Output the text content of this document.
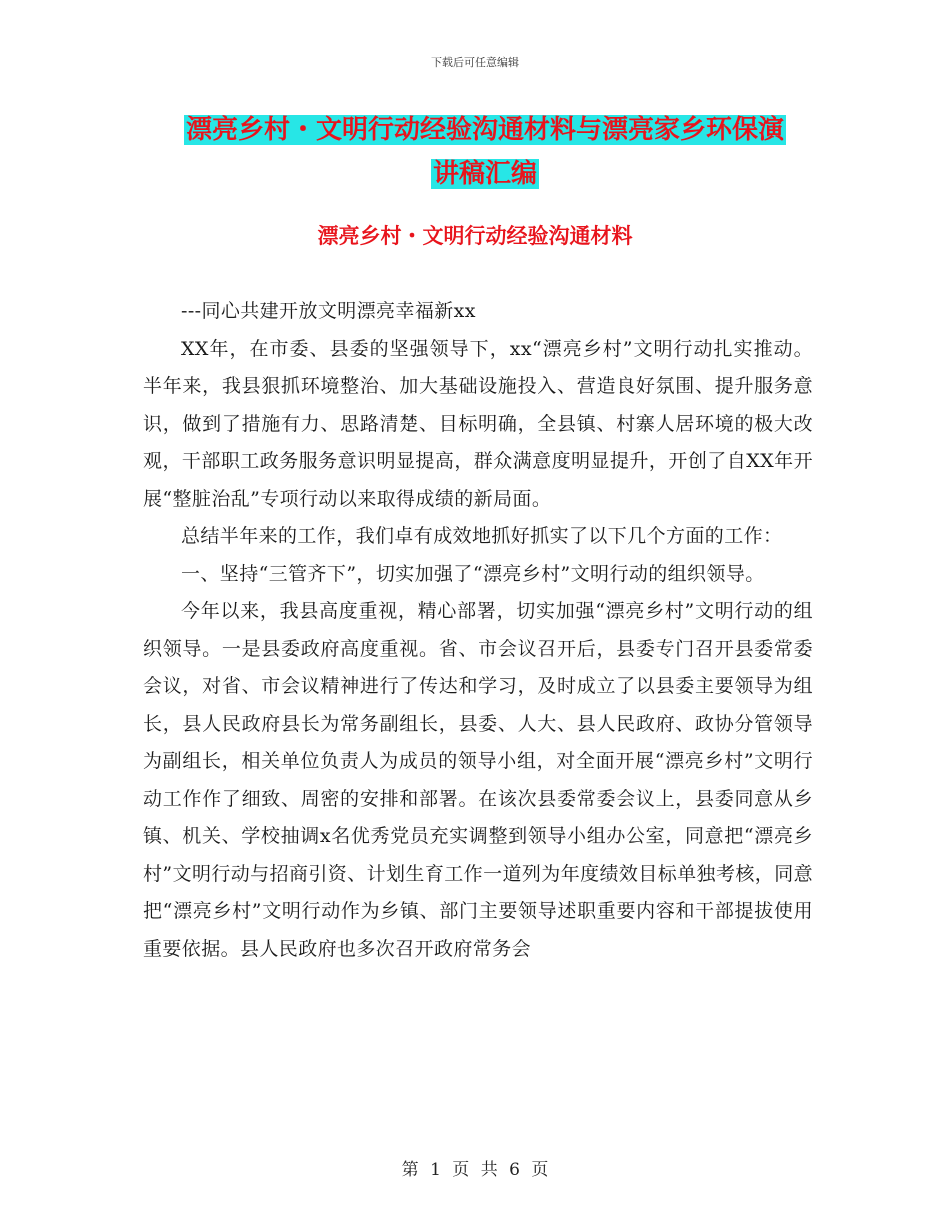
下载后可任意编辑
漂亮乡村・文明行动经验沟通材料与漂亮家乡环保演
讲稿汇编
漂亮乡村・文明行动经验沟通材料

---同心共建开放文明漂亮幸福新xx

XX年，在市委、县委的坚强领导下，xx“漂亮乡村”文明行动扎实推动。半年来，我县狠抓环境整治、加大基础设施投入、营造良好氛围、提升服务意识，做到了措施有力、思路清楚、目标明确，全县镇、村寨人居环境的极大改观，干部职工政务服务意识明显提高，群众满意度明显提升，开创了自XX年开展“整脏治乱”专项行动以来取得成绩的新局面。

总结半年来的工作，我们卓有成效地抓好抓实了以下几个方面的工作：

一、坚持“三管齐下”，切实加强了“漂亮乡村”文明行动的组织领导。

今年以来，我县高度重视，精心部署，切实加强“漂亮乡村”文明行动的组织领导。一是县委政府高度重视。省、市会议召开后，县委专门召开县委常委会议，对省、市会议精神进行了传达和学习，及时成立了以县委主要领导为组长，县人民政府县长为常务副组长，县委、人大、县人民政府、政协分管领导为副组长，相关单位负责人为成员的领导小组，对全面开展“漂亮乡村”文明行动工作作了细致、周密的安排和部署。在该次县委常委会议上，县委同意从乡镇、机关、学校抽调x名优秀党员充实调整到领导小组办公室，同意把“漂亮乡村”文明行动与招商引资、计划生育工作一道列为年度绩效目标单独考核，同意把“漂亮乡村”文明行动作为乡镇、部门主要领导述职重要内容和干部提拔使用重要依据。县人民政府也多次召开政府常务会

第 1 页 共 6 页
